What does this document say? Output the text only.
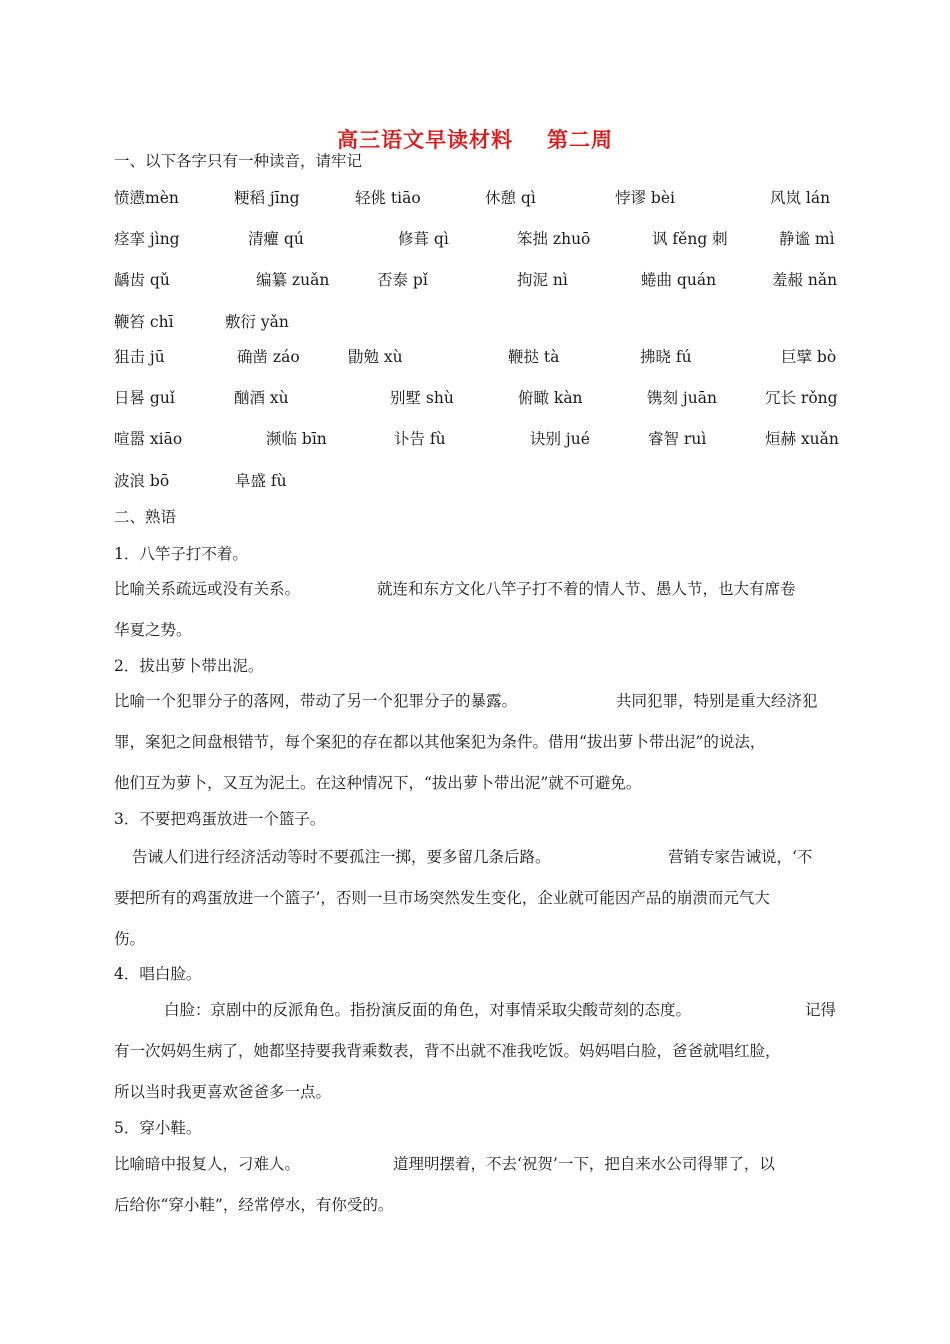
高三语文早读材料 第二周
一、以下各字只有一种读音，请牢记
愤懑mèn	粳稻 jīng	轻佻 tiāo	休憩 qì	悖谬 bèi	风岚 lán
痉挛 jìng	清癯 qú	修葺 qì	笨拙 zhuō	讽 fěng 刺	静谧 mì
龋齿 qǔ	编纂 zuǎn	否泰 pǐ	拘泥 nì	蜷曲 quán	羞赧 nǎn
鞭笞 chī	敷衍 yǎn
狙击 jū	确凿 záo	勖勉 xù	鞭挞 tà	拂晓 fú	巨擘 bò
日晷 guǐ	酗酒 xù	别墅 shù	俯瞰 kàn	镌刻 juān	冗长 rǒng
喧嚣 xiāo	濒临 bīn	讣告 fù	诀别 jué	睿智 ruì	烜赫 xuǎn
波浪 bō	阜盛 fù
二、熟语
1．八竿子打不着。
比喻关系疏远或没有关系。	就连和东方文化八竿子打不着的情人节、愚人节，也大有席卷
华夏之势。
2．拔出萝卜带出泥。
比喻一个犯罪分子的落网，带动了另一个犯罪分子的暴露。	共同犯罪，特别是重大经济犯
罪，案犯之间盘根错节，每个案犯的存在都以其他案犯为条件。借用“拔出萝卜带出泥”的说法，
他们互为萝卜，又互为泥土。在这种情况下，“拔出萝卜带出泥”就不可避免。
3．不要把鸡蛋放进一个篮子。
告诫人们进行经济活动等时不要孤注一掷，要多留几条后路。	营销专家告诫说，‘不
要把所有的鸡蛋放进一个篮子’，否则一旦市场突然发生变化，企业就可能因产品的崩溃而元气大
伤。
4．唱白脸。
白脸：京剧中的反派角色。指扮演反面的角色，对事情采取尖酸苛刻的态度。	记得
有一次妈妈生病了，她都坚持要我背乘数表，背不出就不准我吃饭。妈妈唱白脸，爸爸就唱红脸，
所以当时我更喜欢爸爸多一点。
5．穿小鞋。
比喻暗中报复人，刁难人。	道理明摆着，不去‘祝贺’一下，把自来水公司得罪了，以
后给你“穿小鞋”，经常停水，有你受的。
